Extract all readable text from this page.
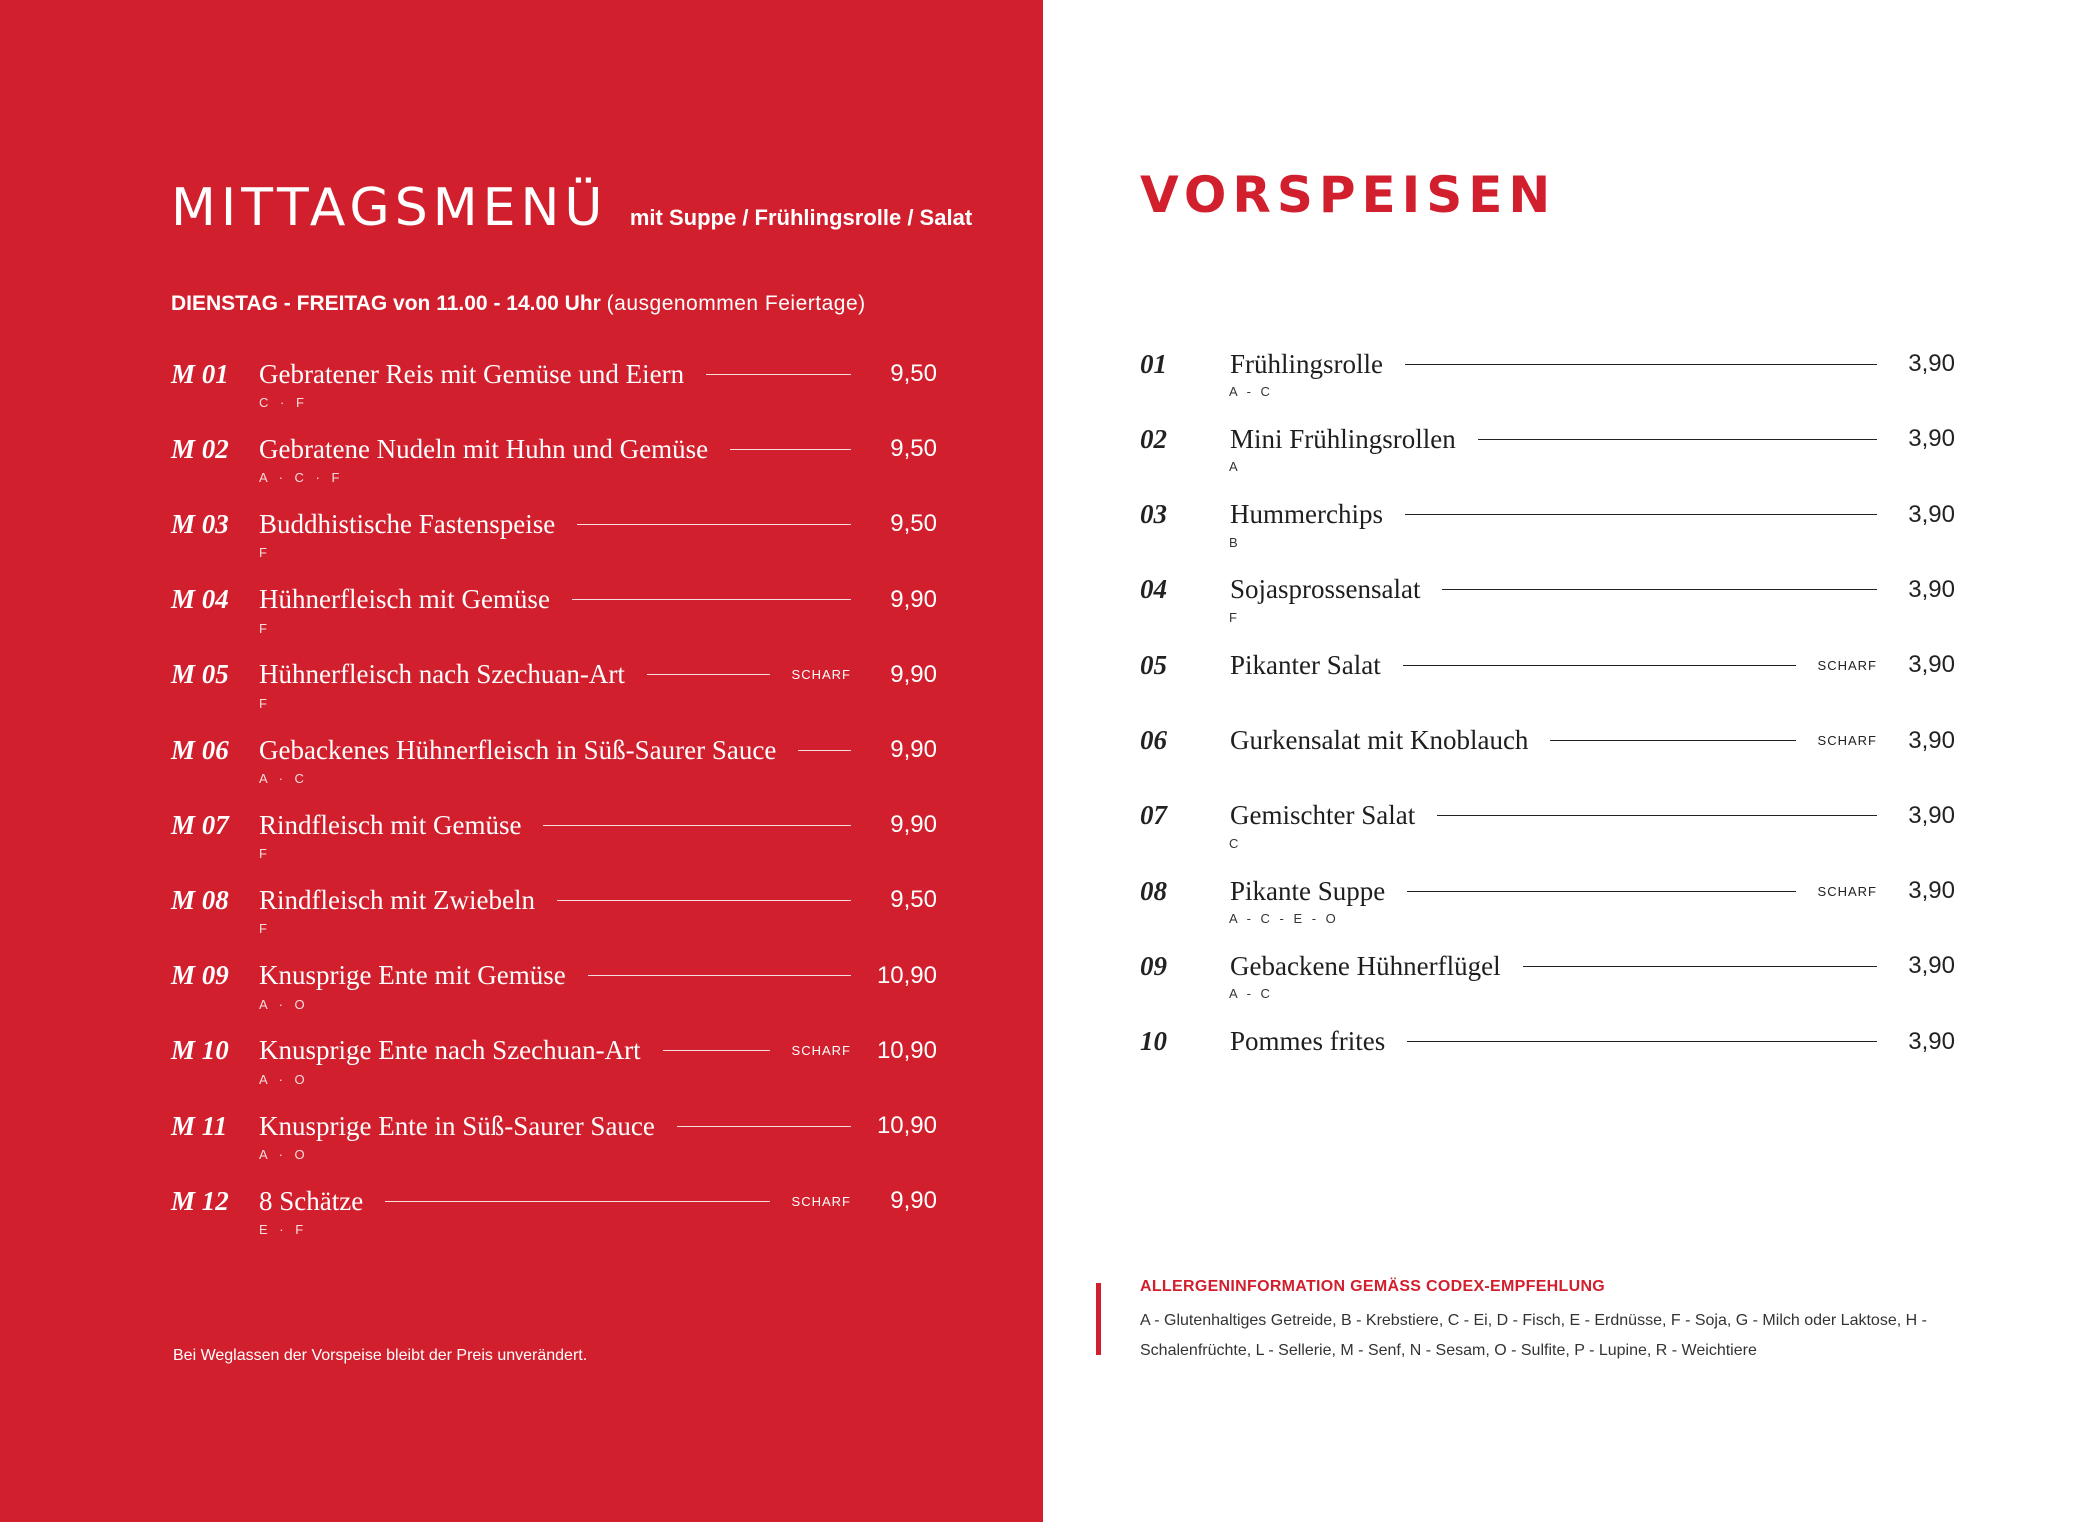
MITTAGSMENÜ mit Suppe / Frühlingsrolle / Salat
DIENSTAG - FREITAG von 11.00 - 14.00 Uhr (ausgenommen Feiertage)
M 01	Gebratener Reis mit Gemüse und Eiern	9,50
C · F
M 02	Gebratene Nudeln mit Huhn und Gemüse	9,50
A · C · F
M 03	Buddhistische Fastenspeise	9,50
F
M 04	Hühnerfleisch mit Gemüse	9,90
F
M 05	Hühnerfleisch nach Szechuan-Art	SCHARF	9,90
F
M 06	Gebackenes Hühnerfleisch in Süß-Saurer Sauce	9,90
A · C
M 07	Rindfleisch mit Gemüse	9,90
F
M 08	Rindfleisch mit Zwiebeln	9,50
F
M 09	Knusprige Ente mit Gemüse	10,90
A · O
M 10	Knusprige Ente nach Szechuan-Art	SCHARF 10,90
A · O
M 11	Knusprige Ente in Süß-Saurer Sauce	10,90
A · O
M 12	8 Schätze	SCHARF	9,90
E · F
Bei Weglassen der Vorspeise bleibt der Preis unverändert.
VORSPEISEN
01	Frühlingsrolle	3,90
A - C
02	Mini Frühlingsrollen	3,90
A
03	Hummerchips	3,90
B
04	Sojasprossensalat	3,90
F
05	Pikanter Salat	SCHARF	3,90
06	Gurkensalat mit Knoblauch	SCHARF	3,90
07	Gemischter Salat	3,90
C
08	Pikante Suppe	SCHARF	3,90
A - C - E - O
09	Gebackene Hühnerflügel	3,90
A - C
10	Pommes frites	3,90
ALLERGENINFORMATION GEMÄSS CODEX-EMPFEHLUNG
A - Glutenhaltiges Getreide, B - Krebstiere, C - Ei, D - Fisch, E - Erdnüsse, F - Soja, G - Milch oder Laktose, H - Schalenfrüchte, L - Sellerie, M - Senf, N - Sesam, O - Sulfite, P - Lupine, R - Weichtiere
